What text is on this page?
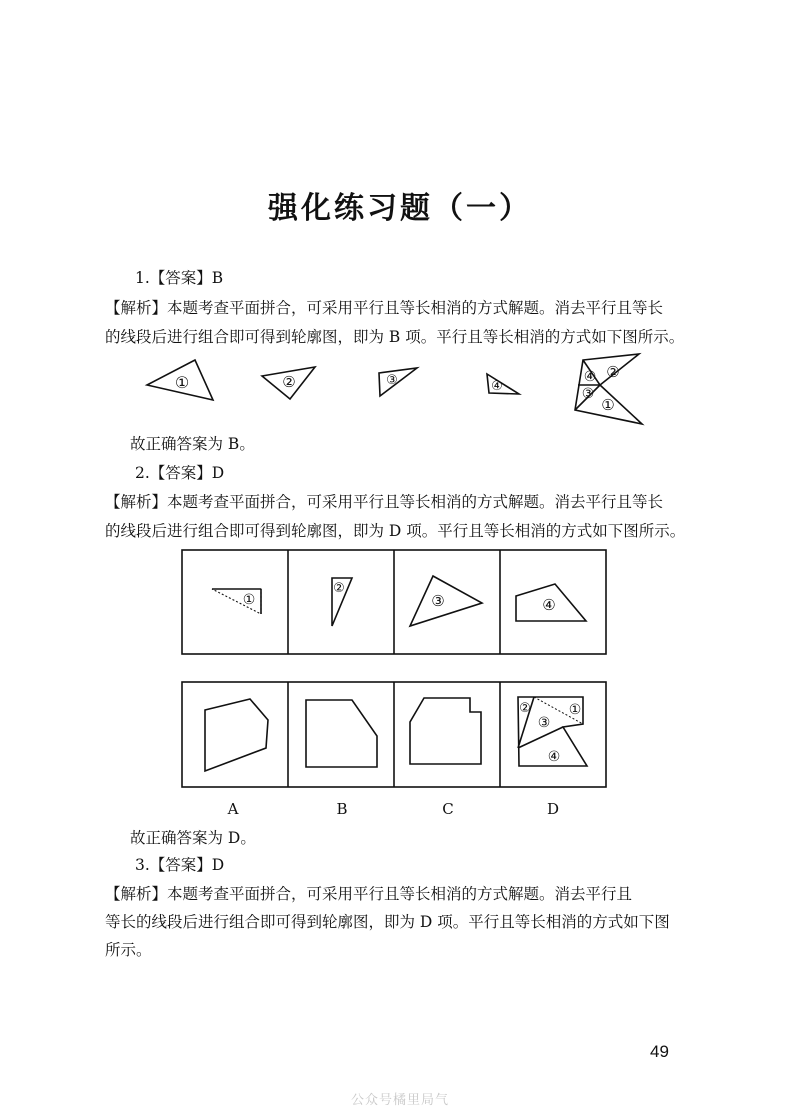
强化练习题（一）
1.【答案】B
【解析】本题考查平面拼合，可采用平行且等长相消的方式解题。消去平行且等长
的线段后进行组合即可得到轮廓图，即为 B 项。平行且等长相消的方式如下图所示。
故正确答案为 B。
2.【答案】D
【解析】本题考查平面拼合，可采用平行且等长相消的方式解题。消去平行且等长
的线段后进行组合即可得到轮廓图，即为 D 项。平行且等长相消的方式如下图所示。
A	B	C	D
故正确答案为 D。
3.【答案】D
【解析】本题考查平面拼合，可采用平行且等长相消的方式解题。消去平行且
等长的线段后进行组合即可得到轮廓图，即为 D 项。平行且等长相消的方式如下图
所示。
49
公众号橘里局气
①	②	③	④
④ ②
③
①
①
②
③	④
②	①
③
④
